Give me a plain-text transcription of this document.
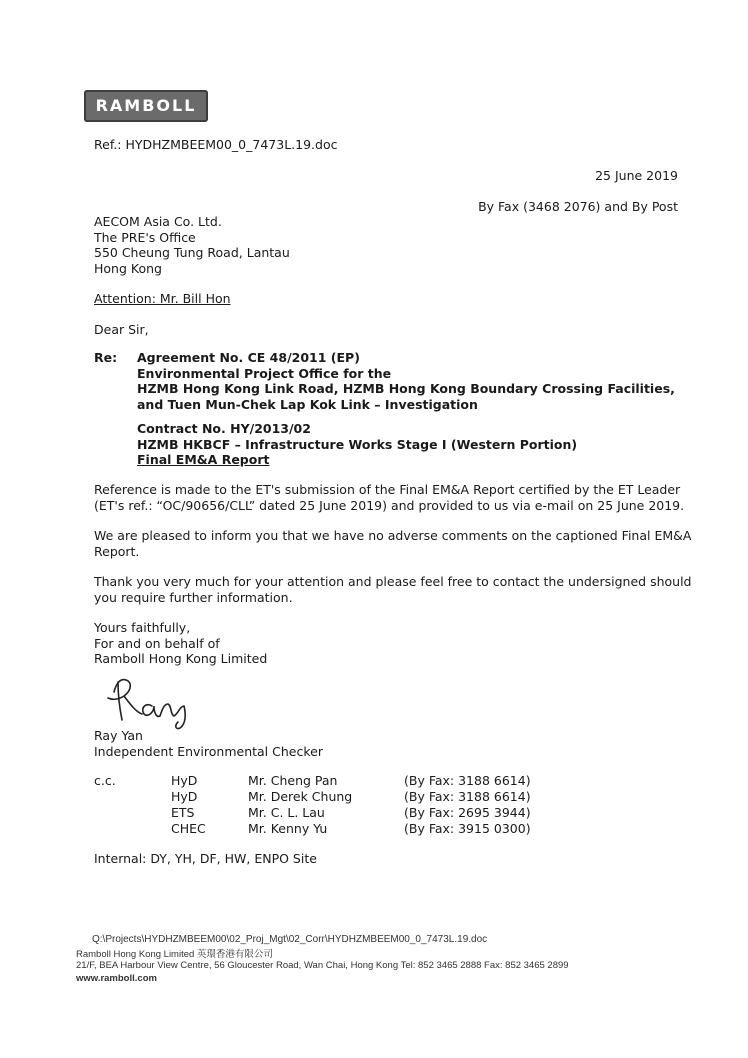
RAMBOLL
Ref.: HYDHZMBEEM00_0_7473L.19.doc
25 June 2019
By Fax (3468 2076) and By Post
AECOM Asia Co. Ltd.
The PRE's Office
550 Cheung Tung Road, Lantau
Hong Kong
Attention: Mr. Bill Hon
Dear Sir,
Re: Agreement No. CE 48/2011 (EP)
Environmental Project Office for the
HZMB Hong Kong Link Road, HZMB Hong Kong Boundary Crossing Facilities,
and Tuen Mun-Chek Lap Kok Link – Investigation
Contract No. HY/2013/02
HZMB HKBCF – Infrastructure Works Stage I (Western Portion)
Final EM&A Report
Reference is made to the ET's submission of the Final EM&A Report certified by the ET Leader
(ET's ref.: “OC/90656/CLL” dated 25 June 2019) and provided to us via e-mail on 25 June 2019.
We are pleased to inform you that we have no adverse comments on the captioned Final EM&A
Report.
Thank you very much for your attention and please feel free to contact the undersigned should
you require further information.
Yours faithfully,
For and on behalf of
Ramboll Hong Kong Limited
Ray Yan
Independent Environmental Checker
c.c.	HyD
HyD
ETS
CHEC
Mr. Cheng Pan
Mr. Derek Chung
Mr. C. L. Lau
Mr. Kenny Yu
(By Fax: 3188 6614)
(By Fax: 3188 6614)
(By Fax: 2695 3944)
(By Fax: 3915 0300)
Internal: DY, YH, DF, HW, ENPO Site
Q:\Projects\HYDHZMBEEM00\02_Proj_Mgt\02_Corr\HYDHZMBEEM00_0_7473L.19.doc
Ramboll Hong Kong Limited 英環香港有限公司
21/F, BEA Harbour View Centre, 56 Gloucester Road, Wan Chai, Hong Kong Tel: 852 3465 2888 Fax: 852 3465 2899
www.ramboll.com
